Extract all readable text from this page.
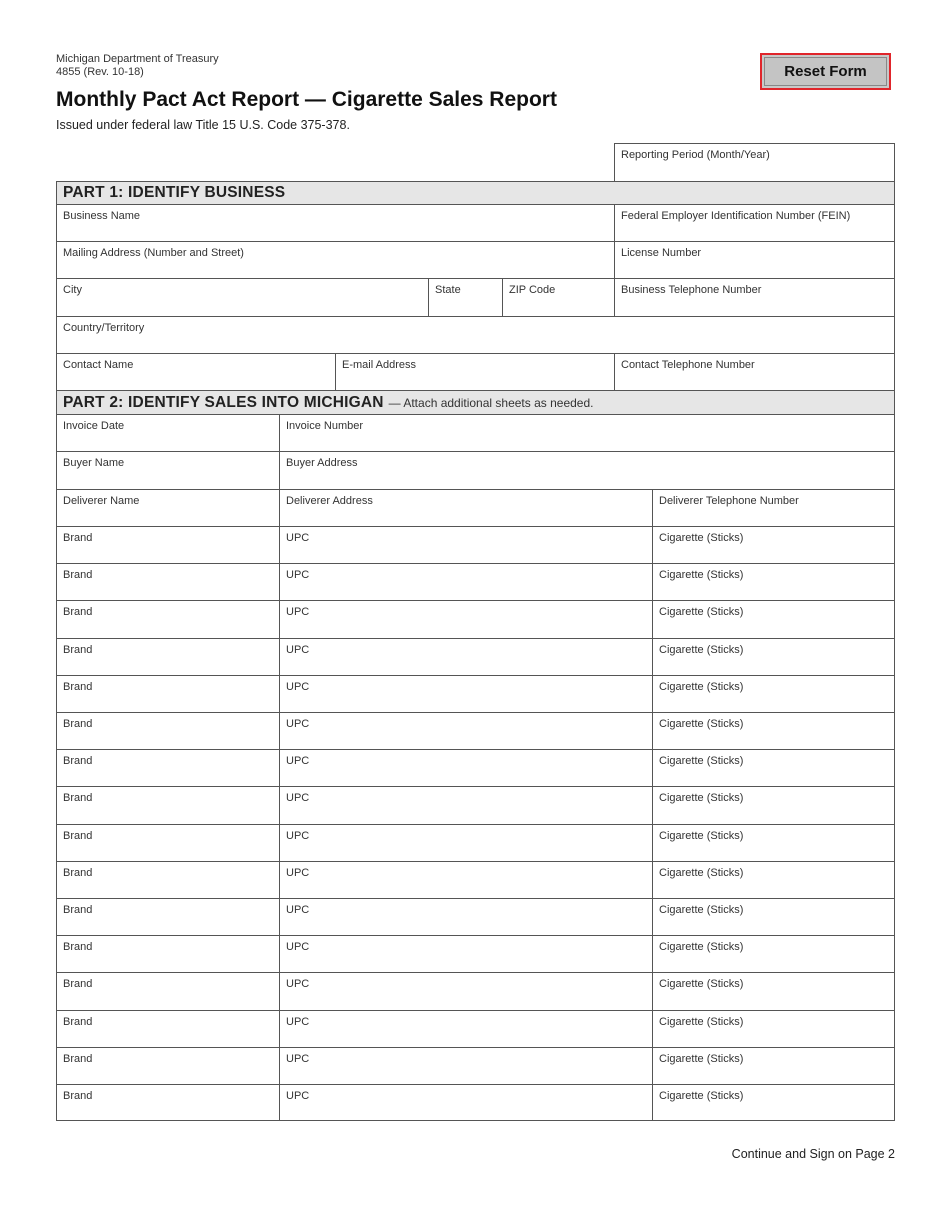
Michigan Department of Treasury
4855 (Rev. 10-18)	Reset Form
Monthly Pact Act Report — Cigarette Sales Report
Issued under federal law Title 15 U.S. Code 375-378.
Reporting Period (Month/Year)
PART 1: IDENTIFY BUSINESS
Business Name	Federal Employer Identification Number (FEIN)
Mailing Address (Number and Street)	License Number
City	State	ZIP Code	Business Telephone Number
Country/Territory
Contact Name	E-mail Address	Contact Telephone Number
PART 2: IDENTIFY SALES INTO MICHIGAN — Attach additional sheets as needed.
Invoice Date	Invoice Number
Buyer Name	Buyer Address
Deliverer Name	Deliverer Address	Deliverer Telephone Number
Brand	UPC	Cigarette (Sticks)
Brand	UPC	Cigarette (Sticks)
Brand	UPC	Cigarette (Sticks)
Brand	UPC	Cigarette (Sticks)
Brand	UPC	Cigarette (Sticks)
Brand	UPC	Cigarette (Sticks)
Brand	UPC	Cigarette (Sticks)
Brand	UPC	Cigarette (Sticks)
Brand	UPC	Cigarette (Sticks)
Brand	UPC	Cigarette (Sticks)
Brand	UPC	Cigarette (Sticks)
Brand	UPC	Cigarette (Sticks)
Brand	UPC	Cigarette (Sticks)
Brand	UPC	Cigarette (Sticks)
Brand	UPC	Cigarette (Sticks)
Brand	UPC	Cigarette (Sticks)
Continue and Sign on Page 2
